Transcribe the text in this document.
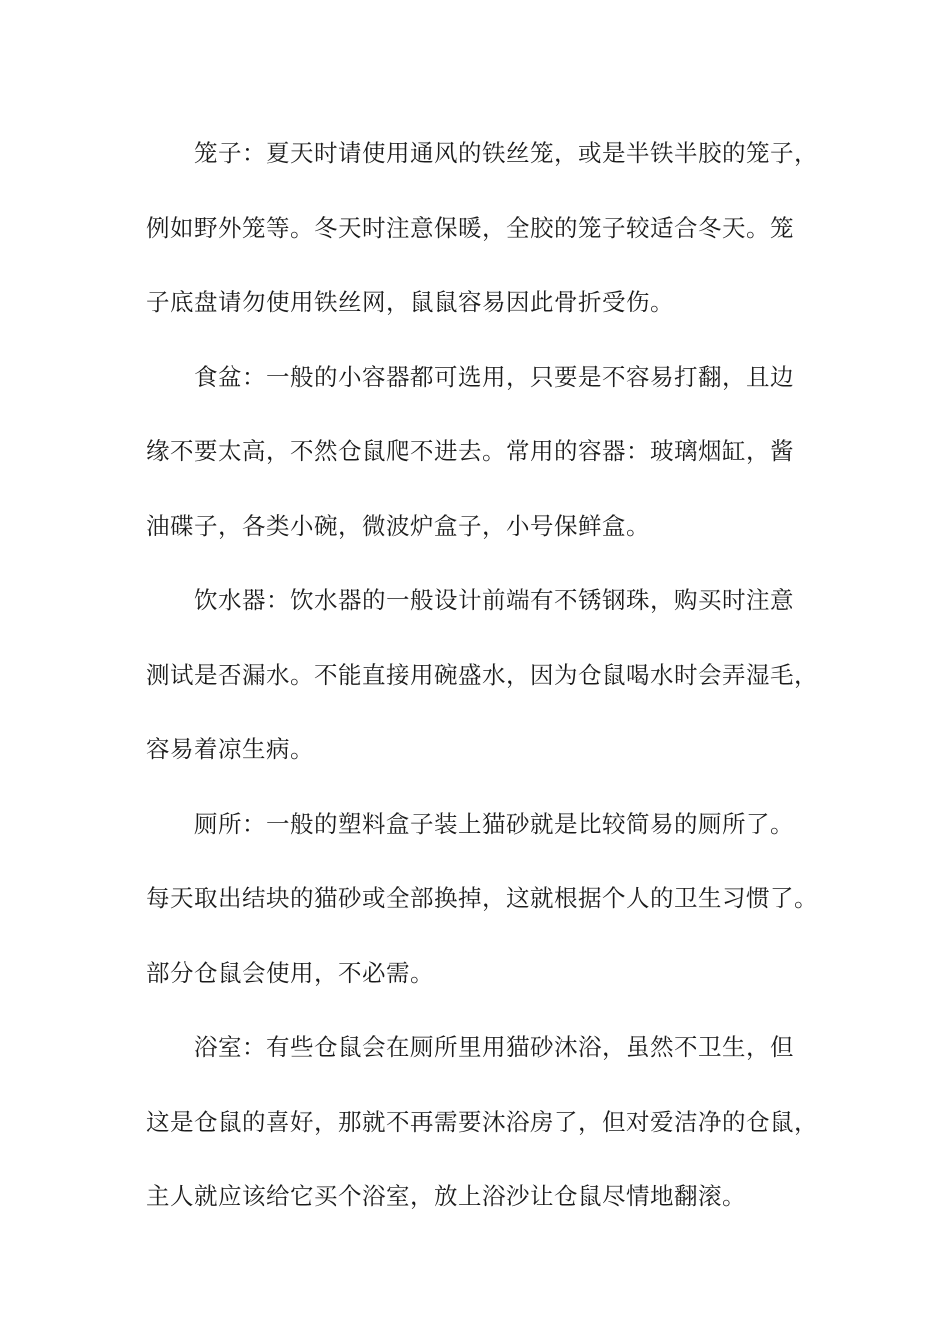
笼子：夏天时请使用通风的铁丝笼，或是半铁半胶的笼子，
例如野外笼等。冬天时注意保暖，全胶的笼子较适合冬天。笼
子底盘请勿使用铁丝网，鼠鼠容易因此骨折受伤。
食盆：一般的小容器都可选用，只要是不容易打翻，且边
缘不要太高，不然仓鼠爬不进去。常用的容器：玻璃烟缸，酱
油碟子，各类小碗，微波炉盒子，小号保鲜盒。
饮水器：饮水器的一般设计前端有不锈钢珠，购买时注意
测试是否漏水。不能直接用碗盛水，因为仓鼠喝水时会弄湿毛，
容易着凉生病。
厕所：一般的塑料盒子装上猫砂就是比较简易的厕所了。
每天取出结块的猫砂或全部换掉，这就根据个人的卫生习惯了。
部分仓鼠会使用，不必需。
浴室：有些仓鼠会在厕所里用猫砂沐浴，虽然不卫生，但
这是仓鼠的喜好，那就不再需要沐浴房了，但对爱洁净的仓鼠，
主人就应该给它买个浴室，放上浴沙让仓鼠尽情地翻滚。
